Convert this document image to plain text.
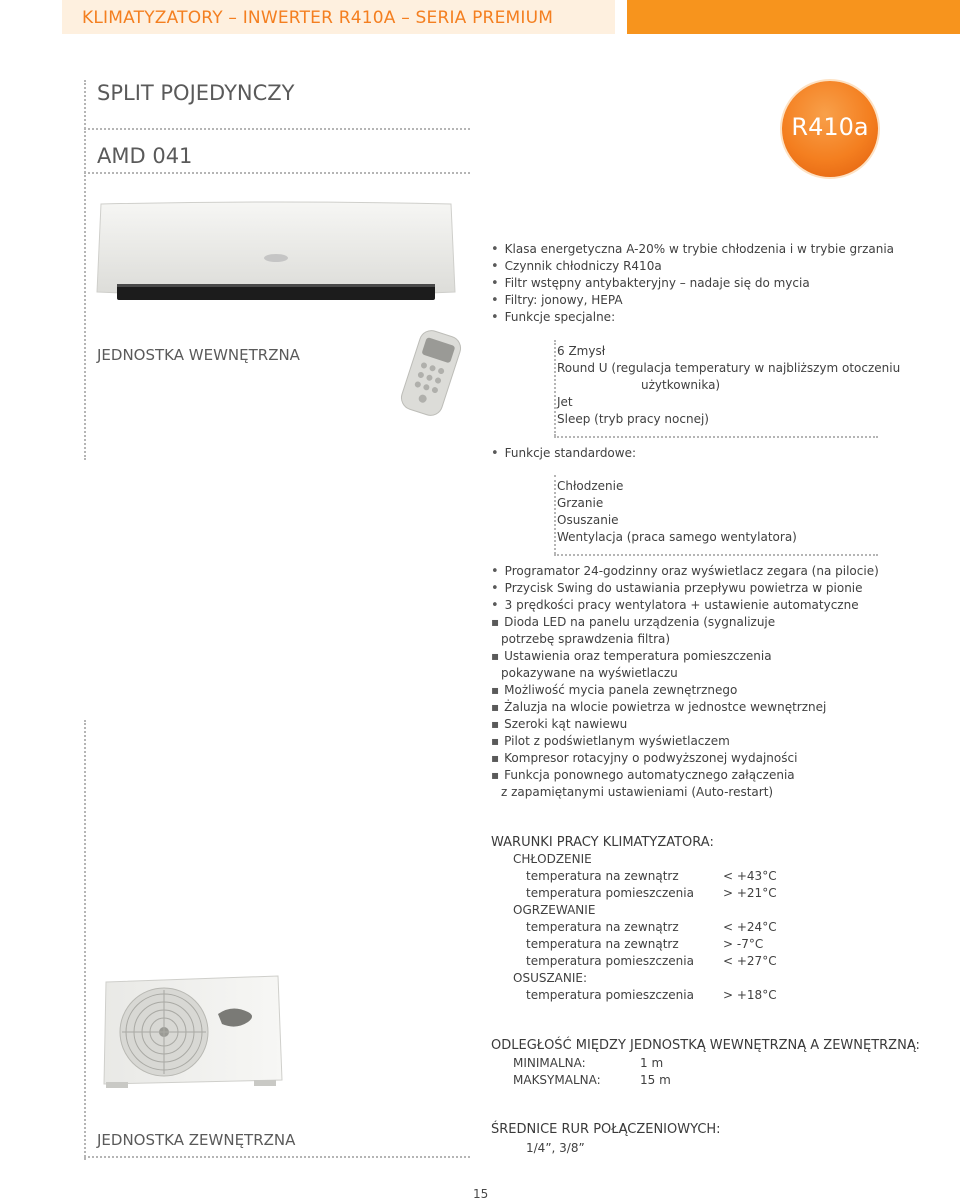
KLIMATYZATORY – INWERTER R410A – SERIA PREMIUM
SPLIT POJEDYNCZY
AMD 041
R410a
JEDNOSTKA WEWNĘTRZNA
• Klasa energetyczna A-20% w trybie chłodzenia i w trybie grzania
• Czynnik chłodniczy R410a
• Filtr wstępny antybakteryjny – nadaje się do mycia
• Filtry: jonowy, HEPA
• Funkcje specjalne:
6 Zmysł
Round U (regulacja temperatury w najbliższym otoczeniu
użytkownika)
Jet
Sleep (tryb pracy nocnej)
• Funkcje standardowe:
Chłodzenie
Grzanie
Osuszanie
Wentylacja (praca samego wentylatora)
• Programator 24-godzinny oraz wyświetlacz zegara (na pilocie)
• Przycisk Swing do ustawiania przepływu powietrza w pionie
• 3 prędkości pracy wentylatora + ustawienie automatyczne
▪ Dioda LED na panelu urządzenia (sygnalizuje
potrzebę sprawdzenia filtra)
▪ Ustawienia oraz temperatura pomieszczenia
pokazywane na wyświetlaczu
▪ Możliwość mycia panela zewnętrznego
▪ Żaluzja na wlocie powietrza w jednostce wewnętrznej
▪ Szeroki kąt nawiewu
▪ Pilot z podświetlanym wyświetlaczem
▪ Kompresor rotacyjny o podwyższonej wydajności
▪ Funkcja ponownego automatycznego załączenia
z zapamiętanymi ustawieniami (Auto-restart)
WARUNKI PRACY KLIMATYZATORA:
CHŁODZENIE
temperatura na zewnątrz	< +43°C
temperatura pomieszczenia > +21°C
OGRZEWANIE
temperatura na zewnątrz	< +24°C
temperatura na zewnątrz	> -7°C
temperatura pomieszczenia < +27°C
OSUSZANIE:
temperatura pomieszczenia > +18°C
ODLEGŁOŚĆ MIĘDZY JEDNOSTKĄ WEWNĘTRZNĄ A ZEWNĘTRZNĄ:
MINIMALNA:	1 m
MAKSYMALNA:	15 m
JEDNOSTKA ZEWNĘTRZNA
ŚREDNICE RUR POŁĄCZENIOWYCH:
1/4”, 3/8”
15
